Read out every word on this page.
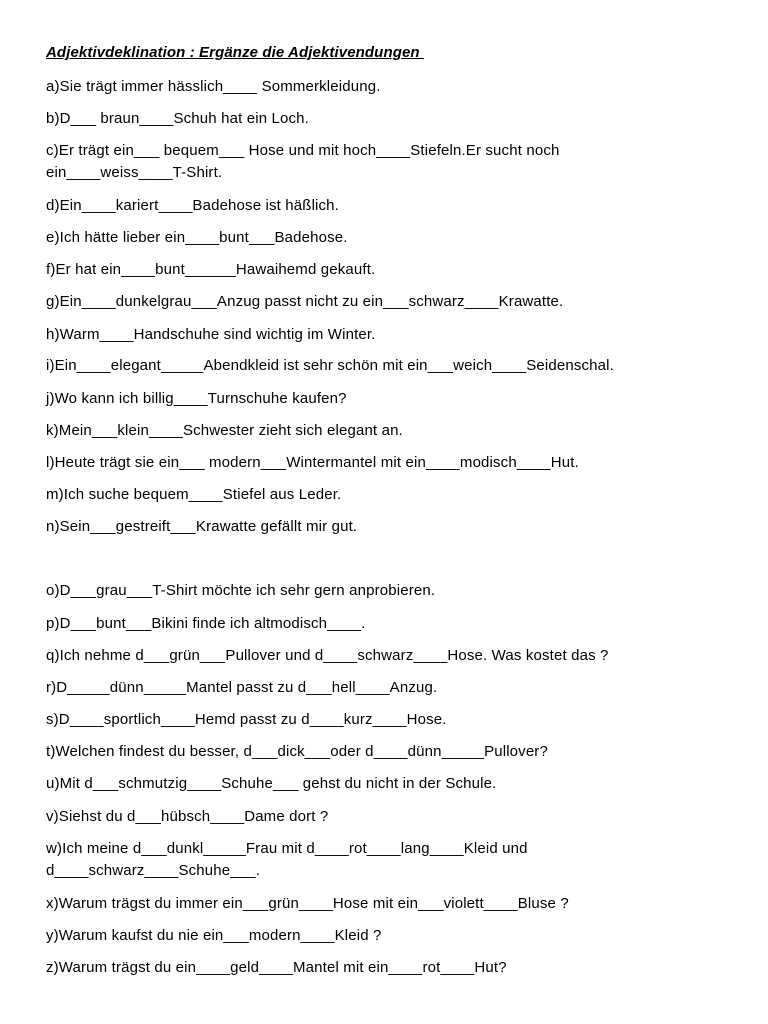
Adjektivdeklination : Ergänze die Adjektivendungen
a)Sie trägt immer hässlich____ Sommerkleidung.
b)D___ braun____Schuh hat ein Loch.
c)Er trägt ein___ bequem___ Hose und mit hoch____Stiefeln.Er sucht noch
ein____weiss____T-Shirt.
d)Ein____kariert____Badehose ist häßlich.
e)Ich hätte lieber ein____bunt___Badehose.
f)Er hat ein____bunt______Hawaihemd gekauft.
g)Ein____dunkelgrau___Anzug passt nicht zu ein___schwarz____Krawatte.
h)Warm____Handschuhe sind wichtig im Winter.
i)Ein____elegant_____Abendkleid ist sehr schön mit ein___weich____Seidenschal.
j)Wo kann ich billig____Turnschuhe kaufen?
k)Mein___klein____Schwester zieht sich elegant an.
l)Heute trägt sie ein___ modern___Wintermantel mit ein____modisch____Hut.
m)Ich suche bequem____Stiefel aus Leder.
n)Sein___gestreift___Krawatte gefällt mir gut.
o)D___grau___T-Shirt möchte ich sehr gern anprobieren.
p)D___bunt___Bikini finde ich altmodisch____.
q)Ich nehme d___grün___Pullover und d____schwarz____Hose. Was kostet das ?
r)D_____dünn_____Mantel passt zu d___hell____Anzug.
s)D____sportlich____Hemd passt zu d____kurz____Hose.
t)Welchen findest du besser, d___dick___oder d____dünn_____Pullover?
u)Mit d___schmutzig____Schuhe___ gehst du nicht in der Schule.
v)Siehst du d___hübsch____Dame dort ?
w)Ich meine d___dunkl_____Frau mit d____rot____lang____Kleid und
d____schwarz____Schuhe___.
x)Warum trägst du immer ein___grün____Hose mit ein___violett____Bluse ?
y)Warum kaufst du nie ein___modern____Kleid ?
z)Warum trägst du ein____geld____Mantel mit ein____rot____Hut?
